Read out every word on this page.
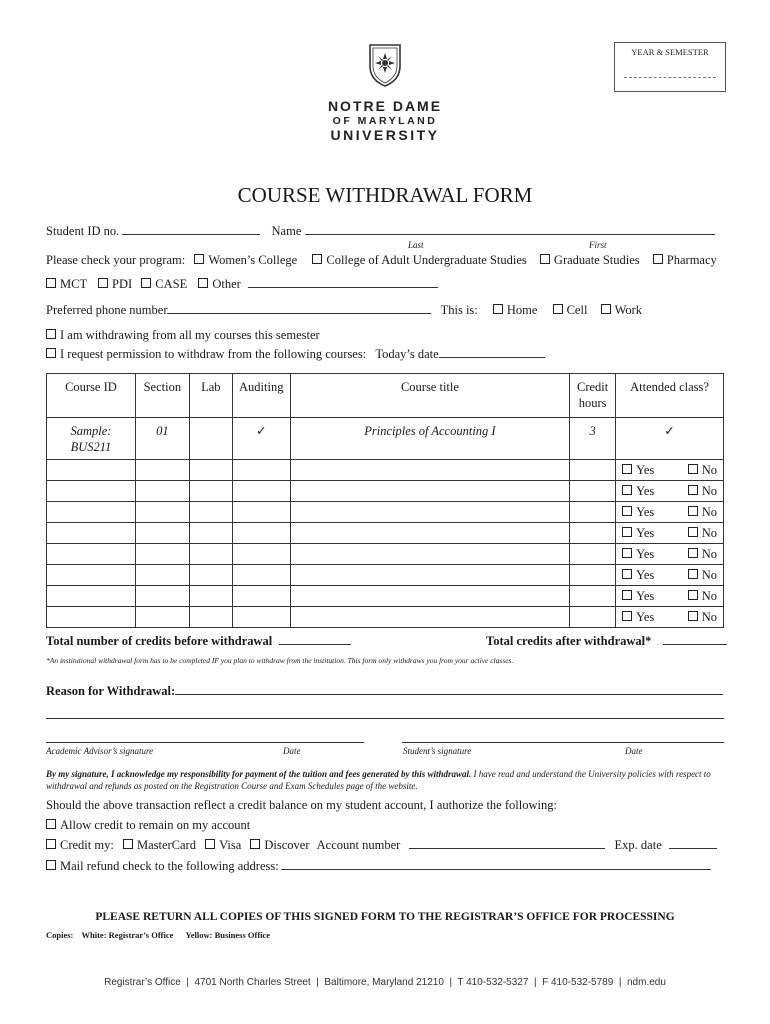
NOTRE DAME
OF MARYLAND
UNIVERSITY
YEAR & SEMESTER
COURSE WITHDRAWAL FORM
Student ID no.	Name
Last	First
Please check your program: Women’s College College of Adult Undergraduate Studies Graduate Studies Pharmacy
MCT PDI CASE Other
Preferred phone number	This is: Home Cell Work
I am withdrawing from all my courses this semester
I request permission to withdraw from the following courses: Today’s date
Course ID	Section	Lab	Auditing	Course title	Credit hours	Attended class?

Sample:
BUS211	01		✓	Principles of Accounting I	3	✓

						Yes No

						Yes No

						Yes No

						Yes No

						Yes No

						Yes No

						Yes No

						Yes No
Total number of credits before withdrawal	Total credits after withdrawal*
*An institutional withdrawal form has to be completed IF you plan to withdraw from the institution. This form only withdraws you from your active classes.
Reason for Withdrawal:
Academic Advisor’s signature	Date	Student’s signature	Date
By my signature, I acknowledge my responsibility for payment of the tuition and fees generated by this withdrawal. I have read and understand the University policies with respect to withdrawal and refunds as posted on the Registration Course and Exam Schedules page of the website.
Should the above transaction reflect a credit balance on my student account, I authorize the following:
Allow credit to remain on my account
Credit my: MasterCard Visa Discover Account number	Exp. date
Mail refund check to the following address:
PLEASE RETURN ALL COPIES OF THIS SIGNED FORM TO THE REGISTRAR’S OFFICE FOR PROCESSING
Copies: White: Registrar’s Office Yellow: Business Office
Registrar’s Office  |  4701 North Charles Street  |  Baltimore, Maryland 21210  |  T 410-532-5327  |  F 410-532-5789  |  ndm.edu
